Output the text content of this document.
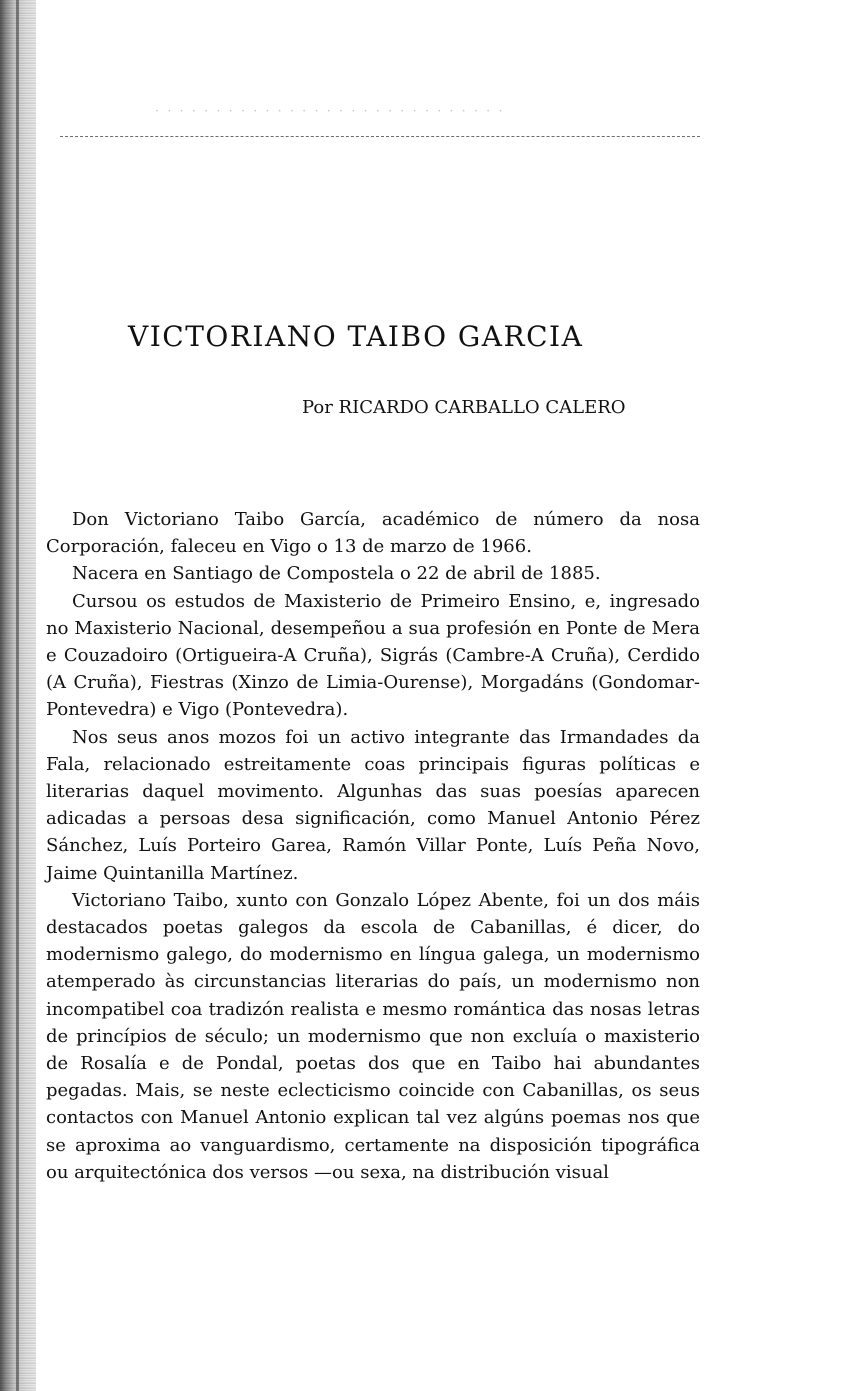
· · · · · · · · · · · · · · · · · · · · · · · · · · · · ·
VICTORIANO TAIBO GARCIA
Por RICARDO CARBALLO CALERO

Don Victoriano Taibo García, académico de número da nosa Corporación, faleceu en Vigo o 13 de marzo de 1966.

Nacera en Santiago de Compostela o 22 de abril de 1885.

Cursou os estudos de Maxisterio de Primeiro Ensino, e, ingresado no Maxisterio Nacional, desempeñou a sua profesión en Ponte de Mera e Couzadoiro (Ortigueira-A Cruña), Sigrás (Cambre-A Cruña), Cerdido (A Cruña), Fiestras (Xinzo de Limia-Ourense), Morgadáns (Gondomar-Pontevedra) e Vigo (Pontevedra).

Nos seus anos mozos foi un activo integrante das Irmandades da Fala, relacionado estreitamente coas principais figuras políticas e literarias daquel movimento. Algunhas das suas poesías aparecen adicadas a persoas desa significación, como Manuel Antonio Pérez Sánchez, Luís Porteiro Garea, Ramón Villar Ponte, Luís Peña Novo, Jaime Quintanilla Martínez.

Victoriano Taibo, xunto con Gonzalo López Abente, foi un dos máis destacados poetas galegos da escola de Cabanillas, é dicer, do modernismo galego, do modernismo en língua galega, un modernismo atemperado às circunstancias literarias do país, un modernismo non incompatibel coa tradizón realista e mesmo romántica das nosas letras de princípios de século; un modernismo que non excluía o maxisterio de Rosalía e de Pondal, poetas dos que en Taibo hai abundantes pegadas. Mais, se neste eclecticismo coincide con Cabanillas, os seus contactos con Manuel Antonio explican tal vez algúns poemas nos que se aproxima ao vanguardismo, certamente na disposición tipográfica ou arquitectónica dos versos —ou sexa, na distribución visual
